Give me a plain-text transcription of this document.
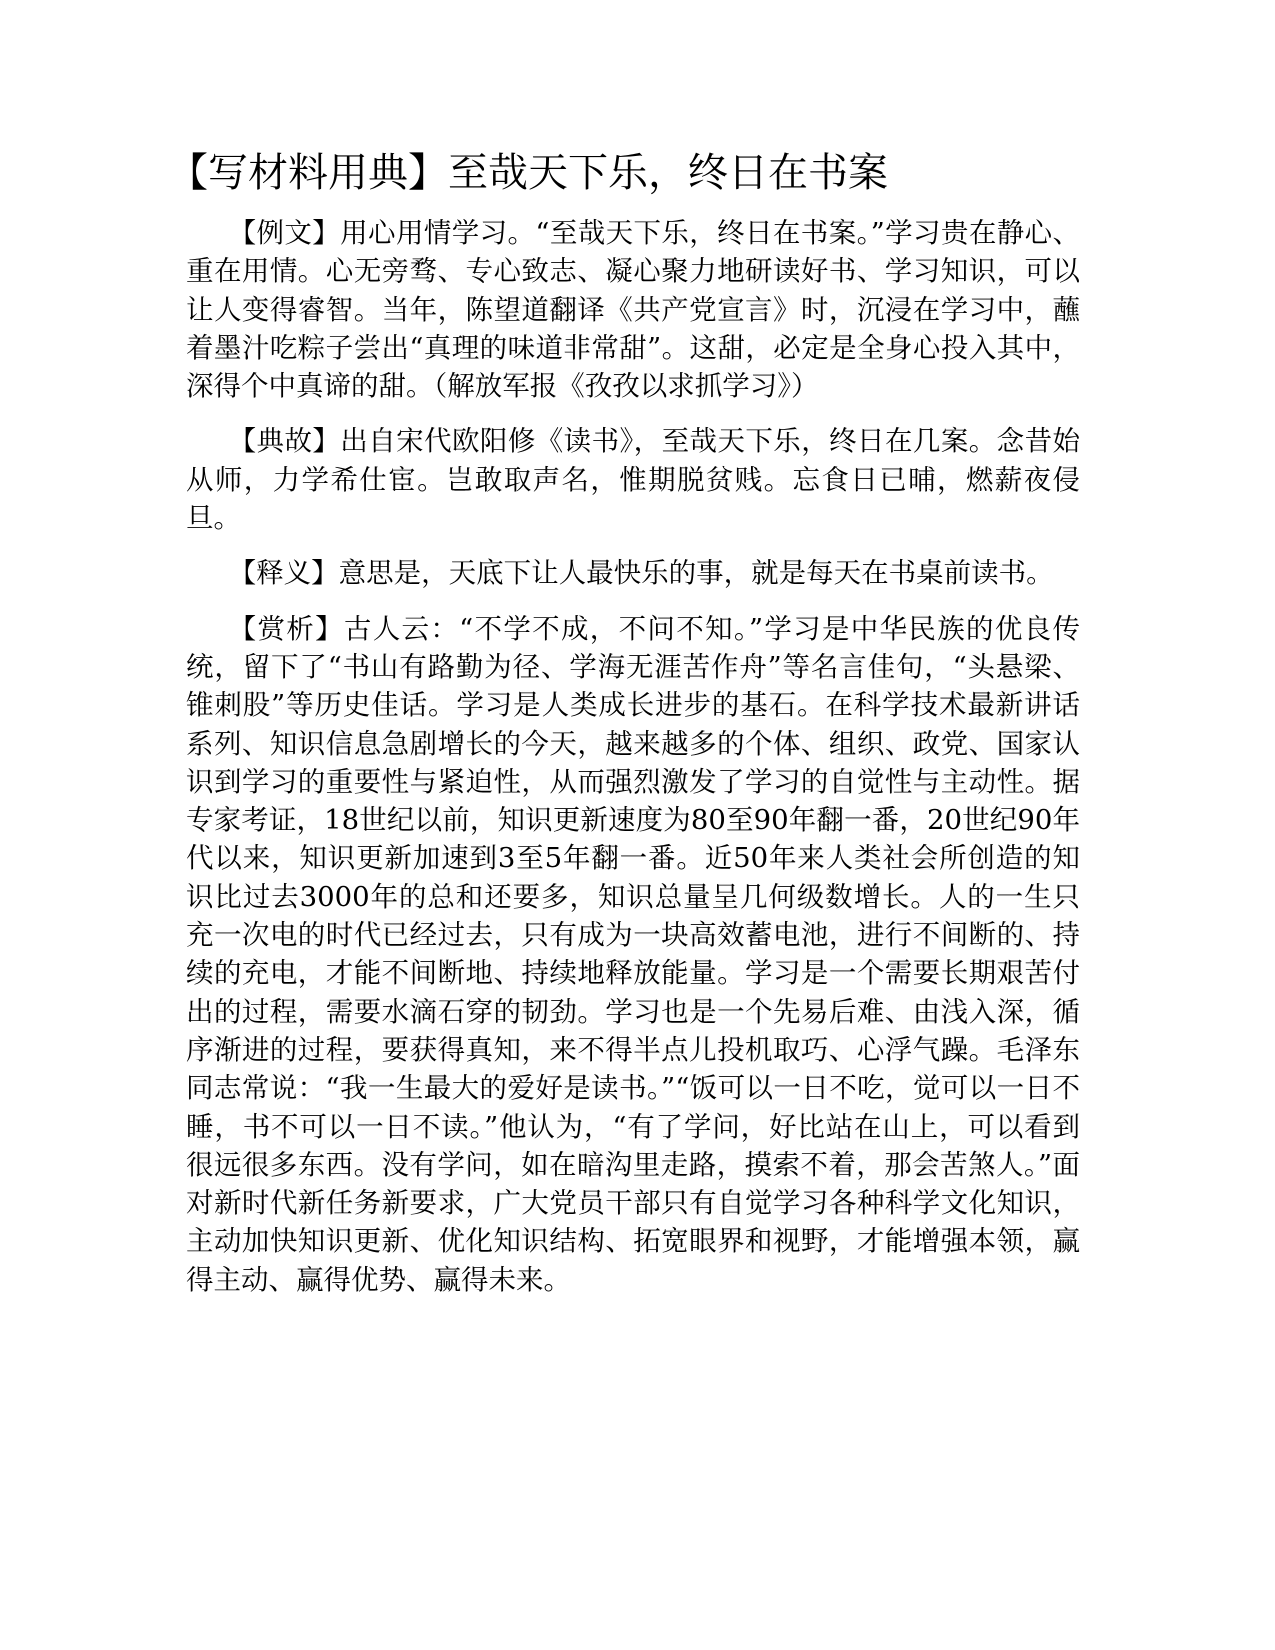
【写材料用典】至哉天下乐，终日在书案

【例文】用心用情学习。“至哉天下乐，终日在书案。”学习贵在静心、重在用情。心无旁骛、专心致志、凝心聚力地研读好书、学习知识，可以让人变得睿智。当年，陈望道翻译《共产党宣言》时，沉浸在学习中，蘸着墨汁吃粽子尝出“真理的味道非常甜”。这甜，必定是全身心投入其中，深得个中真谛的甜。（解放军报《孜孜以求抓学习》）

【典故】出自宋代欧阳修《读书》，至哉天下乐，终日在几案。念昔始从师，力学希仕宦。岂敢取声名，惟期脱贫贱。忘食日已晡，燃薪夜侵旦。

【释义】意思是，天底下让人最快乐的事，就是每天在书桌前读书。

【赏析】古人云：“不学不成，不问不知。”学习是中华民族的优良传统，留下了“书山有路勤为径、学海无涯苦作舟”等名言佳句，“头悬梁、锥刺股”等历史佳话。学习是人类成长进步的基石。在科学技术最新讲话系列、知识信息急剧增长的今天，越来越多的个体、组织、政党、国家认识到学习的重要性与紧迫性，从而强烈激发了学习的自觉性与主动性。据专家考证，18世纪以前，知识更新速度为80至90年翻一番，20世纪90年代以来，知识更新加速到3至5年翻一番。近50年来人类社会所创造的知识比过去3000年的总和还要多，知识总量呈几何级数增长。人的一生只充一次电的时代已经过去，只有成为一块高效蓄电池，进行不间断的、持续的充电，才能不间断地、持续地释放能量。学习是一个需要长期艰苦付出的过程，需要水滴石穿的韧劲。学习也是一个先易后难、由浅入深，循序渐进的过程，要获得真知，来不得半点儿投机取巧、心浮气躁。毛泽东同志常说：“我一生最大的爱好是读书。”“饭可以一日不吃，觉可以一日不睡，书不可以一日不读。”他认为，“有了学问，好比站在山上，可以看到很远很多东西。没有学问，如在暗沟里走路，摸索不着，那会苦煞人。”面对新时代新任务新要求，广大党员干部只有自觉学习各种科学文化知识，主动加快知识更新、优化知识结构、拓宽眼界和视野，才能增强本领，赢得主动、赢得优势、赢得未来。
